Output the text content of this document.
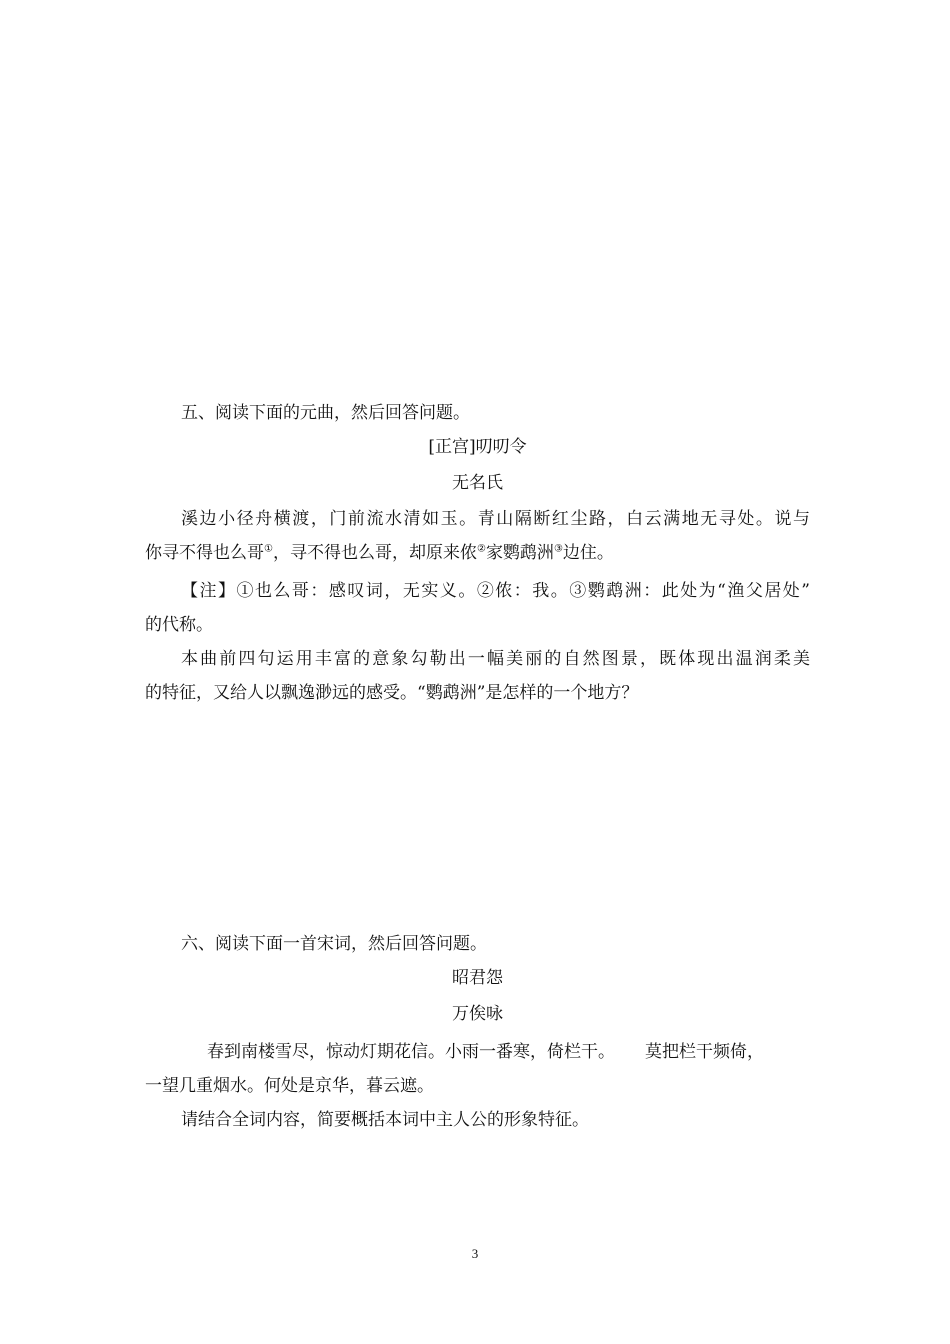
五、阅读下面的元曲，然后回答问题。
[正宫]叨叨令
无名氏
溪边小径舟横渡，门前流水清如玉。青山隔断红尘路，白云满地无寻处。说与
你寻不得也么哥①，寻不得也么哥，却原来侬②家鹦鹉洲③边住。
【注】①也么哥：感叹词，无实义。②侬：我。③鹦鹉洲：此处为“渔父居处”
的代称。
本曲前四句运用丰富的意象勾勒出一幅美丽的自然图景，既体现出温润柔美
的特征，又给人以飘逸渺远的感受。“鹦鹉洲”是怎样的一个地方？
六、阅读下面一首宋词，然后回答问题。
昭君怨
万俟咏
春到南楼雪尽，惊动灯期花信。小雨一番寒，倚栏干。 莫把栏干频倚，
一望几重烟水。何处是京华，暮云遮。
请结合全词内容，简要概括本词中主人公的形象特征。
3
